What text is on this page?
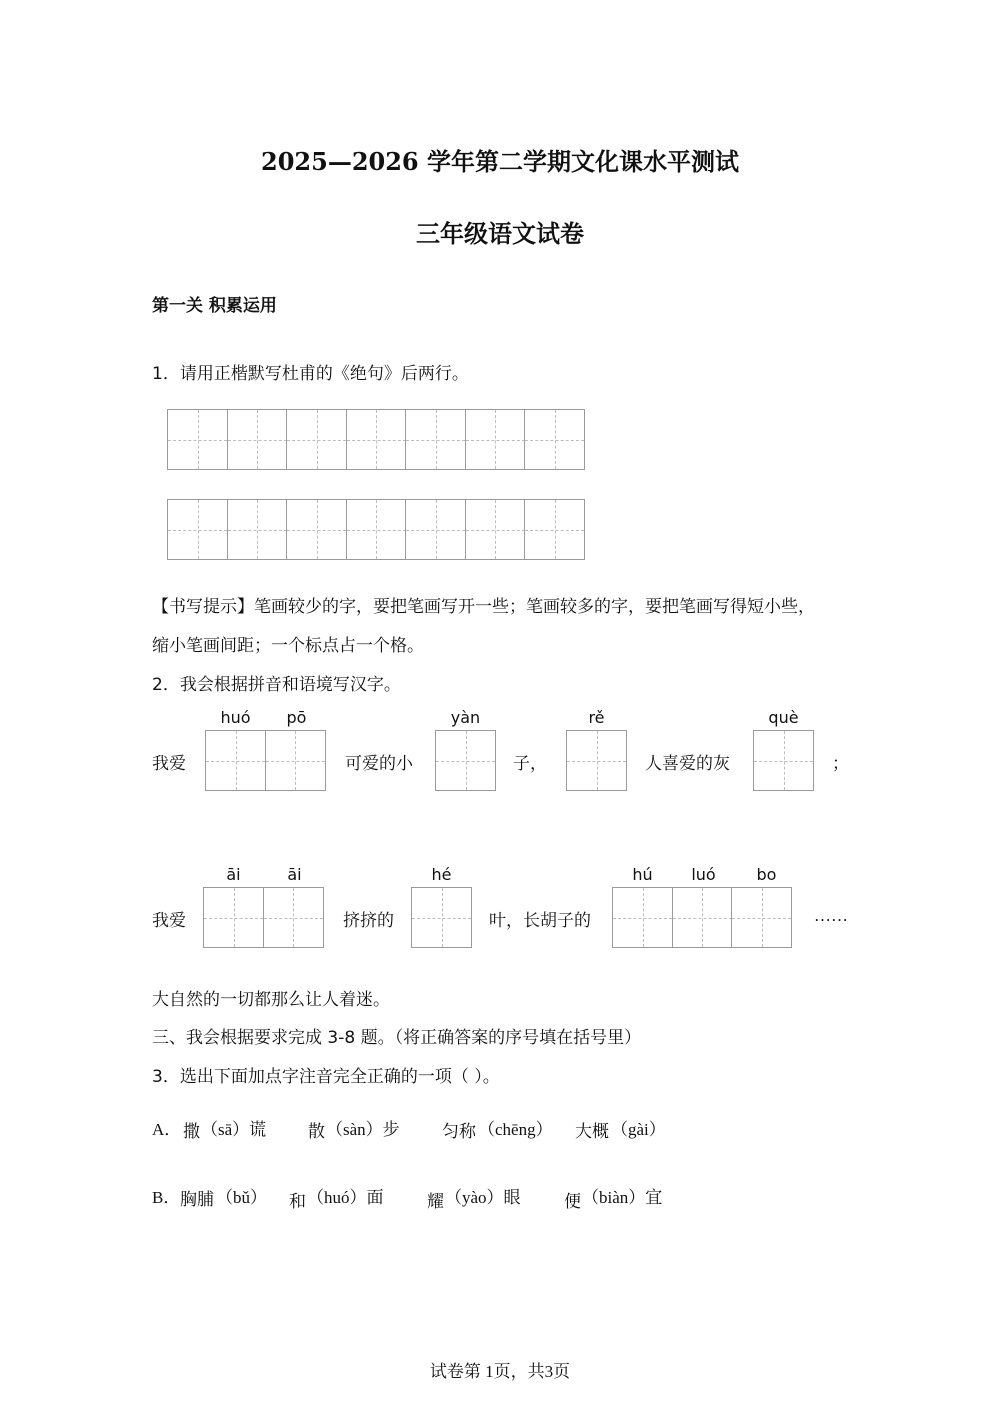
2025—2026 学年第二学期文化课水平测试
三年级语文试卷
第一关 积累运用
1．请用正楷默写杜甫的《绝句》后两行。
【书写提示】笔画较少的字，要把笔画写开一些；笔画较多的字，要把笔画写得短小些，
缩小笔画间距；一个标点占一个格。
2．我会根据拼音和语境写汉字。
huó	pō	yàn	rě	què
我爱	可爱的小	子，	人喜爱的灰	；
āi	āi	hé	hú	luó	bo
我爱	挤挤的	叶，长胡子的	……
大自然的一切都那么让人着迷。
三、我会根据要求完成 3-8 题。（将正确答案的序号填在括号里）
3．选出下面加点字注音完全正确的一项（ ）。
A． 撒 （sā）谎 散 （sàn）步 匀称 （chēng） 大概 （gài）
B． 胸脯 （bǔ） 和 （huó）面	耀 （yào）眼	便 （biàn）宜
试卷第 1页，共3页
